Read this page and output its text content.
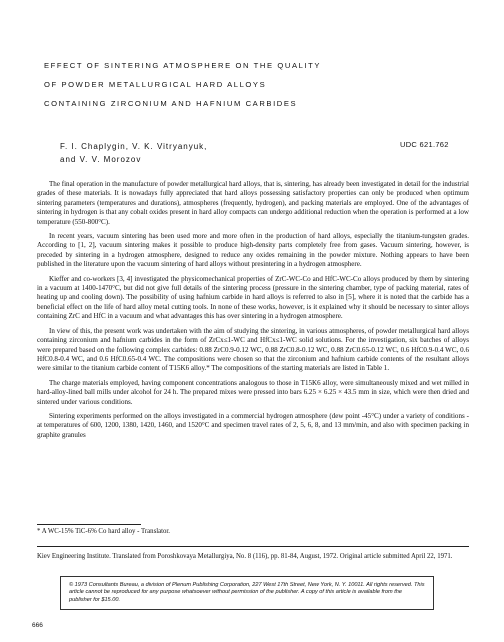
EFFECT OF SINTERING ATMOSPHERE ON THE QUALITY
OF POWDER METALLURGICAL HARD ALLOYS
CONTAINING ZIRCONIUM AND HAFNIUM CARBIDES
F. I. Chaplygin, V. K. Vitryanyuk,
and V. V. Morozov
UDC 621.762

The final operation in the manufacture of powder metallurgical hard alloys, that is, sintering, has already been investigated in detail for the industrial grades of these materials. It is nowadays fully appreciated that hard alloys possessing satisfactory properties can only be produced when optimum sintering parameters (temperatures and durations), atmospheres (frequently, hydrogen), and packing materials are employed. One of the advantages of sintering in hydrogen is that any cobalt oxides present in hard alloy compacts can undergo additional reduction when the operation is performed at a low temperature (550-800°C).

In recent years, vacuum sintering has been used more and more often in the production of hard alloys, especially the titanium-tungsten grades. According to [1, 2], vacuum sintering makes it possible to produce high-density parts completely free from gases. Vacuum sintering, however, is preceded by sintering in a hydrogen atmosphere, designed to reduce any oxides remaining in the powder mixture. Nothing appears to have been published in the literature upon the vacuum sintering of hard alloys without presintering in a hydrogen atmosphere.

Kieffer and co-workers [3, 4] investigated the physicomechanical properties of ZrC-WC-Co and HfC-WC-Co alloys produced by them by sintering in a vacuum at 1400-1470°C, but did not give full details of the sintering process (pressure in the sintering chamber, type of packing material, rates of heating up and cooling down). The possibility of using hafnium carbide in hard alloys is referred to also in [5], where it is noted that the carbide has a beneficial effect on the life of hard alloy metal cutting tools. In none of these works, however, is it explained why it should be necessary to sinter alloys containing ZrC and HfC in a vacuum and what advantages this has over sintering in a hydrogen atmosphere.

In view of this, the present work was undertaken with the aim of studying the sintering, in various atmospheres, of powder metallurgical hard alloys containing zirconium and hafnium carbides in the form of ZrCx≤1-WC and HfCx≤1-WC solid solutions. For the investigation, six batches of alloys were prepared based on the following complex carbides: 0.88 ZrC0.9-0.12 WC, 0.88 ZrC0.8-0.12 WC, 0.88 ZrC0.65-0.12 WC, 0.6 HfC0.9-0.4 WC, 0.6 HfC0.8-0.4 WC, and 0.6 HfC0.65-0.4 WC. The compositions were chosen so that the zirconium and hafnium carbide contents of the resultant alloys were similar to the titanium carbide content of T15K6 alloy.* The compositions of the starting materials are listed in Table 1.

The charge materials employed, having component concentrations analogous to those in T15K6 alloy, were simultaneously mixed and wet milled in hard-alloy-lined ball mills under alcohol for 24 h. The prepared mixes were pressed into bars 6.25 × 6.25 × 43.5 mm in size, which were then dried and sintered under various conditions.

Sintering experiments performed on the alloys investigated in a commercial hydrogen atmosphere (dew point -45°C) under a variety of conditions - at temperatures of 600, 1200, 1380, 1420, 1460, and 1520°C and specimen travel rates of 2, 5, 6, 8, and 13 mm/min, and also with specimen packing in graphite granules

* A WC-15% TiC-6% Co hard alloy - Translator.
Kiev Engineering Institute. Translated from Poroshkovaya Metallurgiya, No. 8 (116), pp. 81-84, August, 1972. Original article submitted April 22, 1971.
© 1973 Consultants Bureau, a division of Plenum Publishing Corporation, 227 West 17th Street, New York, N. Y. 10011. All rights reserved. This article cannot be reproduced for any purpose whatsoever without permission of the publisher. A copy of this article is available from the publisher for $15.00.
666
